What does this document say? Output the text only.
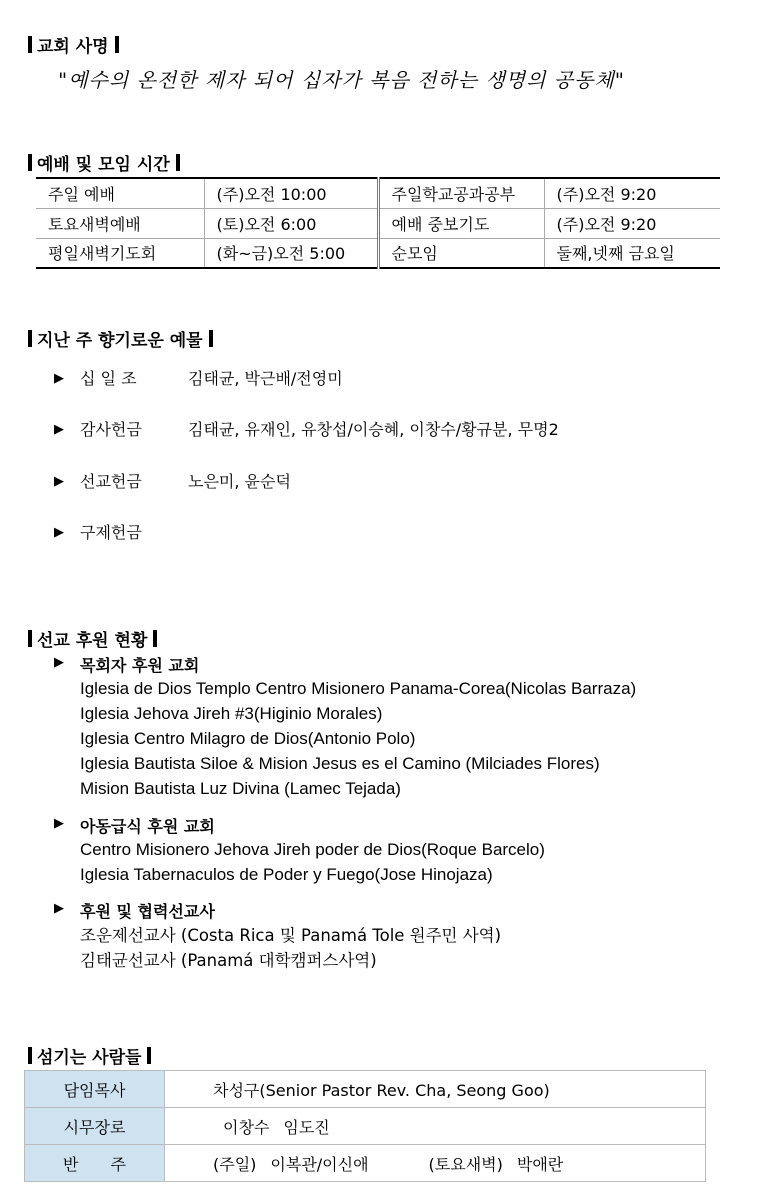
교회 사명
"예수의 온전한 제자 되어 십자가 복음 전하는 생명의 공동체"
예배 및 모임 시간
주일 예배	(주)오전 10:00	주일학교공과공부	(주)오전 9:20
토요새벽예배	(토)오전 6:00	예배 중보기도	(주)오전 9:20
평일새벽기도회	(화~금)오전 5:00	순모임	둘째,넷째 금요일
지난 주 향기로운 예물
▶	십 일 조	김태균, 박근배/전영미
▶	감사헌금	김태균, 유재인, 유창섭/이승혜, 이창수/황규분, 무명2
▶	선교헌금	노은미, 윤순덕
▶	구제헌금
선교 후원 현황
▶	목회자 후원 교회
Iglesia de Dios Templo Centro Misionero Panama-Corea(Nicolas Barraza)
Iglesia Jehova Jireh #3(Higinio Morales)
Iglesia Centro Milagro de Dios(Antonio Polo)
Iglesia Bautista Siloe & Mision Jesus es el Camino (Milciades Flores)
Mision Bautista Luz Divina (Lamec Tejada)
▶	아동급식 후원 교회
Centro Misionero Jehova Jireh poder de Dios(Roque Barcelo)
Iglesia Tabernaculos de Poder y Fuego(Jose Hinojaza)
▶	후원 및 협력선교사
조운제선교사 (Costa Rica 및 Panamá Tole 원주민 사역)
김태균선교사 (Panamá 대학캠퍼스사역)
섬기는 사람들
담임목사	차성구(Senior Pastor Rev. Cha, Seong Goo)
시무장로	이창수 임도진
반　　주	(주일) 이복관/이신애 (토요새벽) 박애란
